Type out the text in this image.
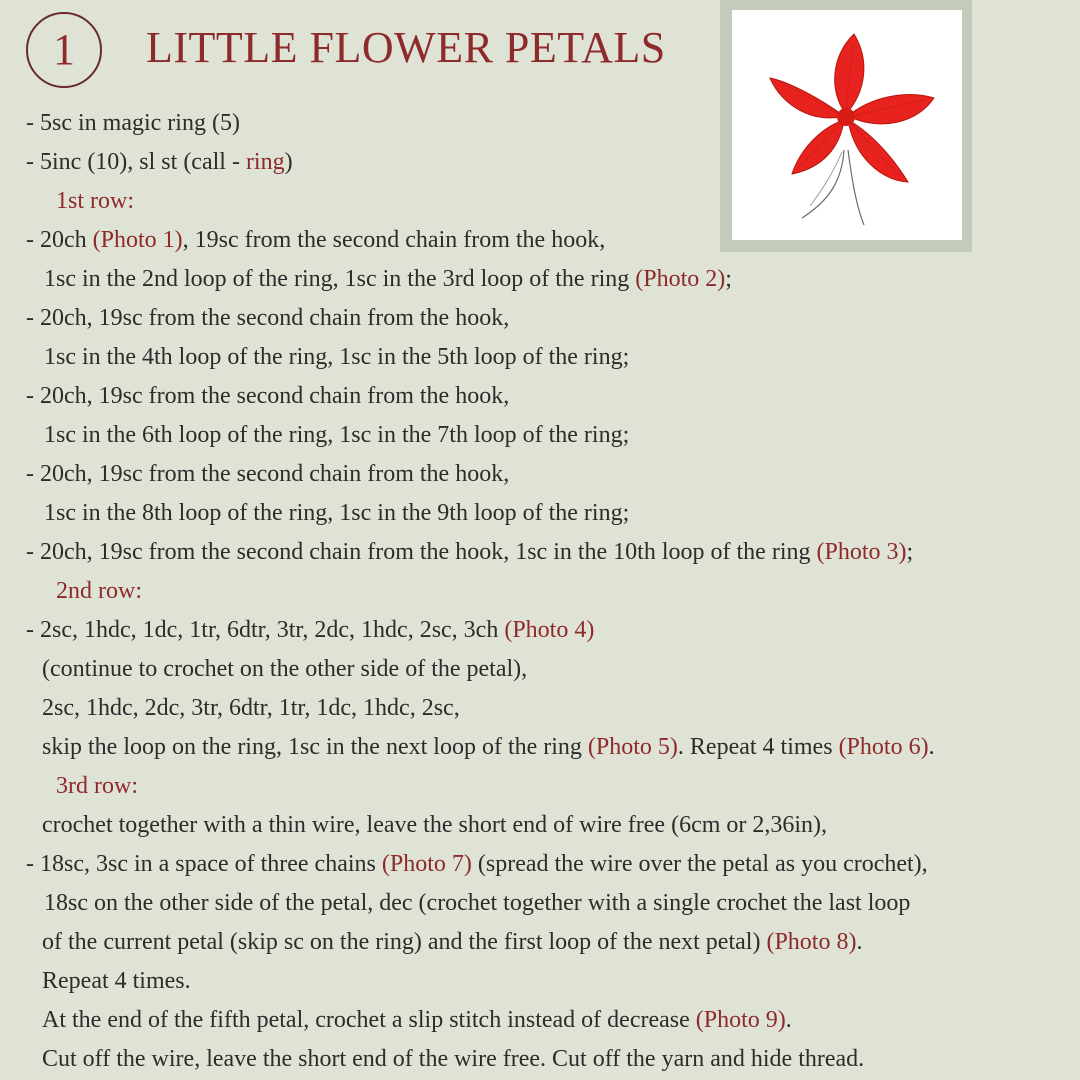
1 LITTLE FLOWER PETALS
- 5sc in magic ring (5)
- 5inc (10), sl st (call - ring)
1st row:
- 20ch (Photo 1), 19sc from the second chain from the hook,
1sc in the 2nd loop of the ring, 1sc in the 3rd loop of the ring (Photo 2);
- 20ch, 19sc from the second chain from the hook,
1sc in the 4th loop of the ring, 1sc in the 5th loop of the ring;
- 20ch, 19sc from the second chain from the hook,
1sc in the 6th loop of the ring, 1sc in the 7th loop of the ring;
- 20ch, 19sc from the second chain from the hook,
1sc in the 8th loop of the ring, 1sc in the 9th loop of the ring;
- 20ch, 19sc from the second chain from the hook, 1sc in the 10th loop of the ring (Photo 3);
2nd row:
- 2sc, 1hdc, 1dc, 1tr, 6dtr, 3tr, 2dc, 1hdc, 2sc, 3ch (Photo 4)
(continue to crochet on the other side of the petal),
2sc, 1hdc, 2dc, 3tr, 6dtr, 1tr, 1dc, 1hdc, 2sc,
skip the loop on the ring, 1sc in the next loop of the ring (Photo 5). Repeat 4 times (Photo 6).
3rd row:
crochet together with a thin wire, leave the short end of wire free (6cm or 2,36in),
- 18sc, 3sc in a space of three chains (Photo 7) (spread the wire over the petal as you crochet),
18sc on the other side of the petal, dec (crochet together with a single crochet the last loop
of the current petal (skip sc on the ring) and the first loop of the next petal) (Photo 8).
Repeat 4 times.
At the end of the fifth petal, crochet a slip stitch instead of decrease (Photo 9).
Cut off the wire, leave the short end of the wire free. Cut off the yarn and hide thread.
